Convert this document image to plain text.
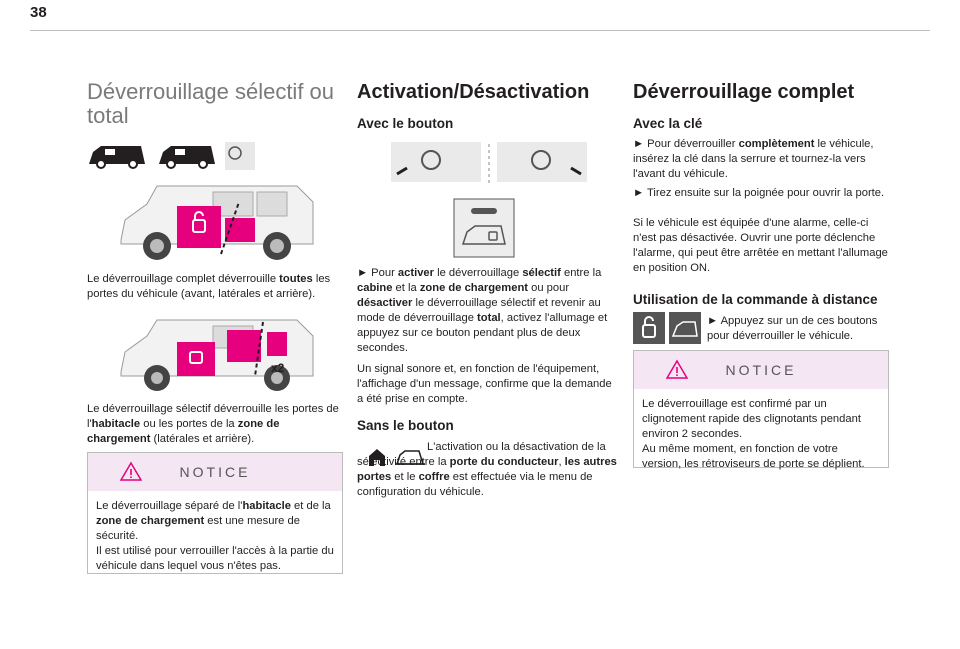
38
Déverrouillage sélectif ou total

Le déverrouillage complet déverrouille toutes les portes du véhicule (avant, latérales et arrière).

x2

Le déverrouillage sélectif déverrouille les portes de l'habitacle ou les portes de la zone de chargement (latérales et arrière).

NOTICE

Le déverrouillage séparé de l'habitacle et de la zone de chargement est une mesure de sécurité.

Il est utilisé pour verrouiller l'accès à la partie du véhicule dans lequel vous n'êtes pas.

Activation/Désactivation
Avec le bouton

► Pour activer le déverrouillage sélectif entre la cabine et la zone de chargement ou pour désactiver le déverrouillage sélectif et revenir au mode de déverrouillage total, activez l'allumage et appuyez sur ce bouton pendant plus de deux secondes.

Un signal sonore et, en fonction de l'équipement, l'affichage d'un message, confirme que la demande a été prise en compte.

Sans le bouton

L'activation ou la désactivation de la sélectivité entre la porte du conducteur, les autres portes et le coffre est effectuée via le menu de configuration du véhicule.

Déverrouillage complet
Avec la clé

► Pour déverrouiller complètement le véhicule, insérez la clé dans la serrure et tournez-la vers l'avant du véhicule.

► Tirez ensuite sur la poignée pour ouvrir la porte.

Si le véhicule est équipée d'une alarme, celle-ci n'est pas désactivée. Ouvrir une porte déclenche l'alarme, qui peut être arrêtée en mettant l'allumage en position ON.

Utilisation de la commande à distance

► Appuyez sur un de ces boutons pour déverrouiller le véhicule.

NOTICE

Le déverrouillage est confirmé par un clignotement rapide des clignotants pendant environ 2 secondes.

Au même moment, en fonction de votre version, les rétroviseurs de porte se déplient.
